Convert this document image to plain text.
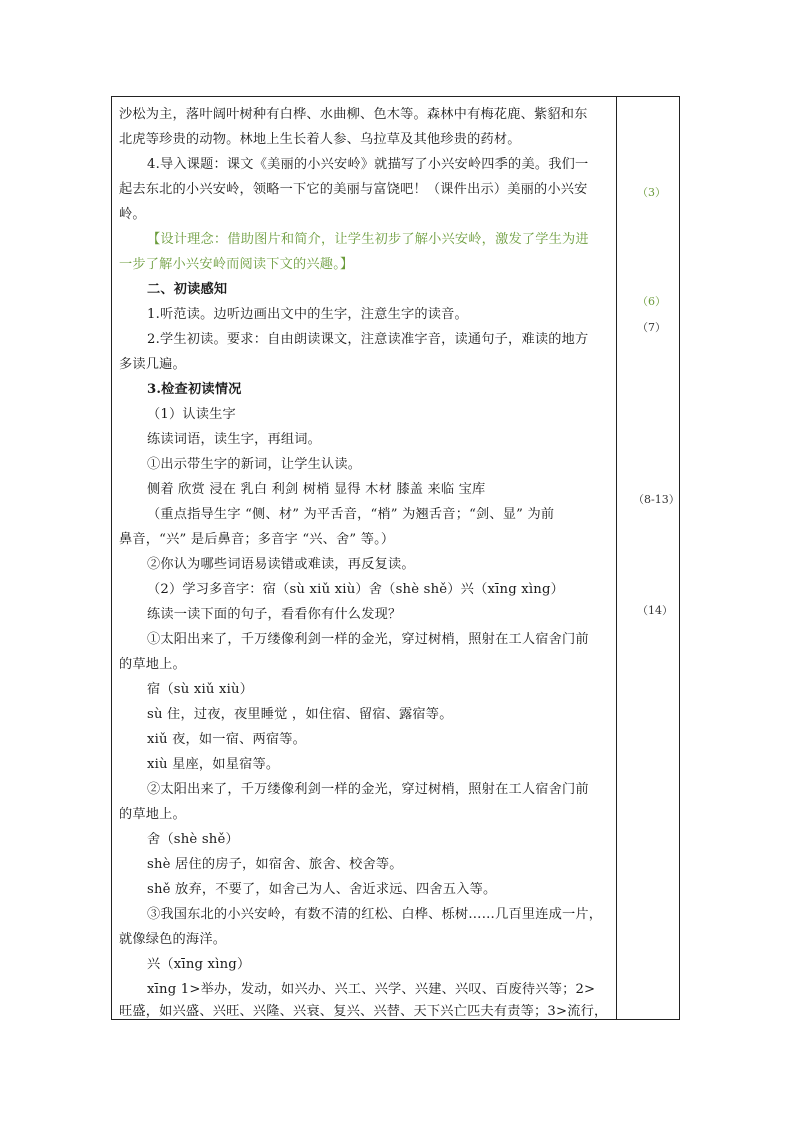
沙松为主，落叶阔叶树种有白桦、水曲柳、色木等。森林中有梅花鹿、紫貂和东
北虎等珍贵的动物。林地上生长着人参、乌拉草及其他珍贵的药材。
4.导入课题：课文《美丽的小兴安岭》就描写了小兴安岭四季的美。我们一
起去东北的小兴安岭，领略一下它的美丽与富饶吧！（课件出示）美丽的小兴安
岭。
【设计理念：借助图片和简介，让学生初步了解小兴安岭，激发了学生为进
一步了解小兴安岭而阅读下文的兴趣。】
二、初读感知
1.听范读。边听边画出文中的生字，注意生字的读音。
2.学生初读。要求：自由朗读课文，注意读准字音，读通句子，难读的地方
多读几遍。
3.检查初读情况
（1）认读生字
练读词语，读生字，再组词。
①出示带生字的新词，让学生认读。
侧着 欣赏 浸在 乳白 利剑 树梢 显得 木材 膝盖 来临 宝库
（重点指导生字 “侧、材” 为平舌音，“梢” 为翘舌音；“剑、显” 为前
鼻音，“兴” 是后鼻音；多音字 “兴、舍” 等。）
②你认为哪些词语易读错或难读，再反复读。
（2）学习多音字：宿（sù xiǔ xiù）舍（shè shě）兴（xīng xìng）
练读一读下面的句子，看看你有什么发现？
①太阳出来了，千万缕像利剑一样的金光，穿过树梢，照射在工人宿舍门前
的草地上。
宿（sù xiǔ xiù）
sù 住，过夜，夜里睡觉 ，如住宿、留宿、露宿等。
xiǔ 夜，如一宿、两宿等。
xiù 星座，如星宿等。
②太阳出来了，千万缕像利剑一样的金光，穿过树梢，照射在工人宿舍门前
的草地上。
舍（shè shě）
shè 居住的房子，如宿舍、旅舍、校舍等。
shě 放弃，不要了，如舍己为人、舍近求远、四舍五入等。
③我国东北的小兴安岭，有数不清的红松、白桦、栎树……几百里连成一片，
就像绿色的海洋。
兴（xīng xìng）
xīng 1>举办，发动，如兴办、兴工、兴学、兴建、兴叹、百废待兴等；2>
旺盛，如兴盛、兴旺、兴隆、兴衰、复兴、兴替、天下兴亡匹夫有责等；3>流行，
（3）
（6）
（7）
（8-13）
（14）
